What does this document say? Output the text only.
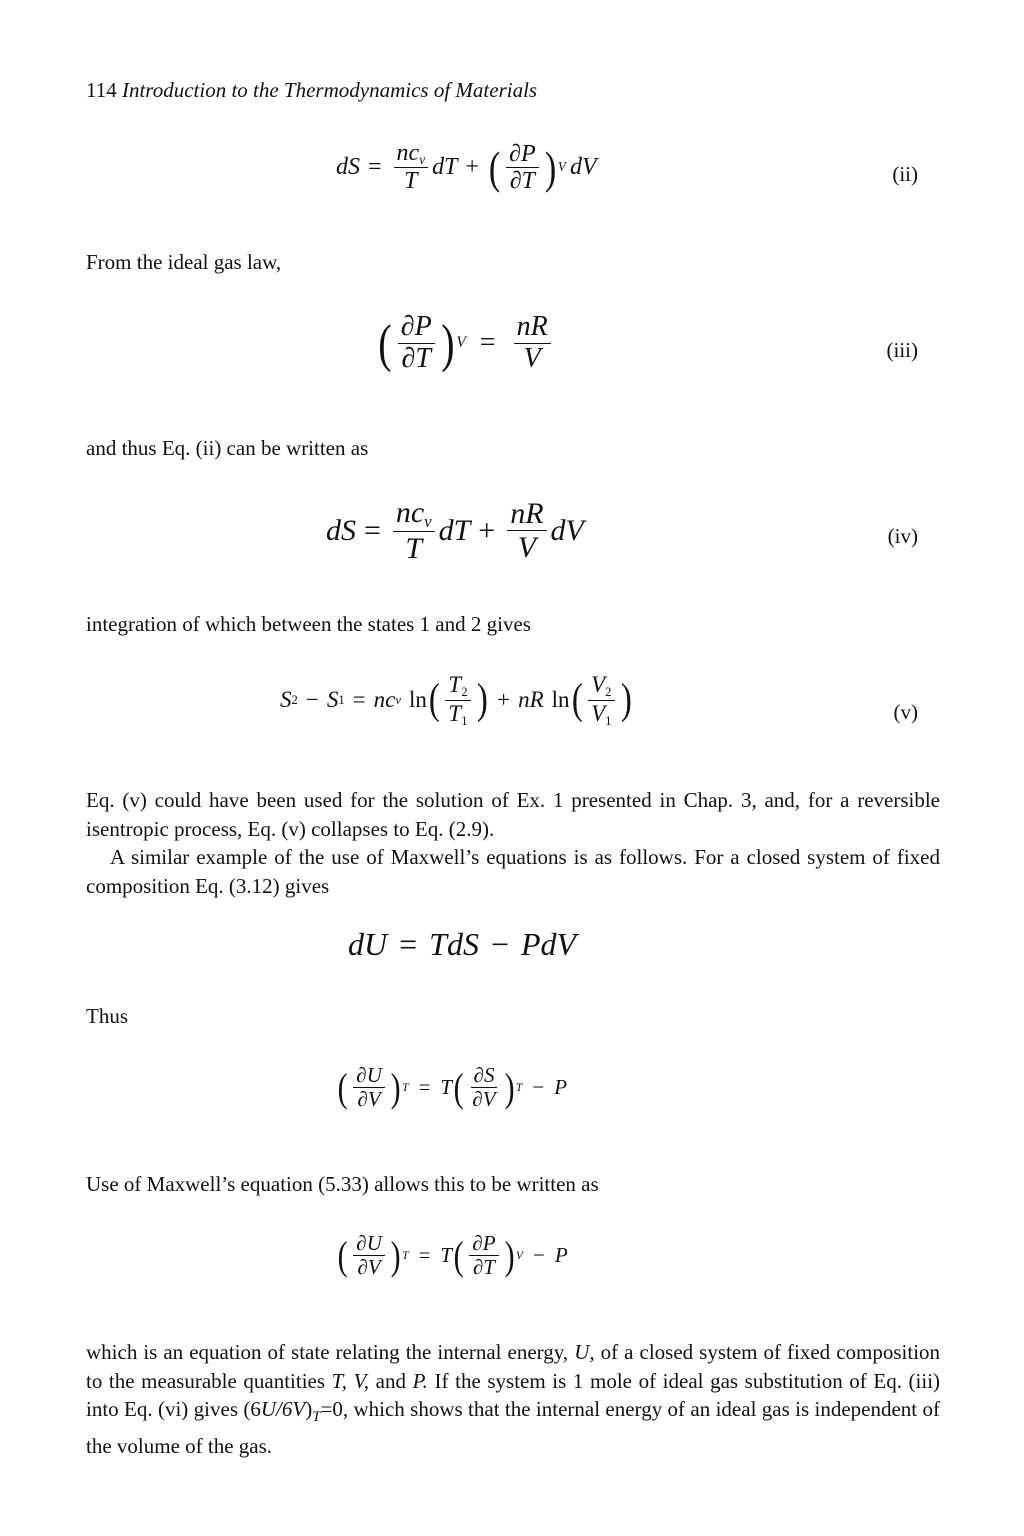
114 Introduction to the Thermodynamics of Materials
dS = $\frac{nc_v}{T}$ dT + ( $\frac{\partial P}{\partial T}$ ) V dV	(ii)
From the ideal gas law,
( $\frac{\partial P}{\partial T}$ ) $V = \frac{nR}{V}$	(iii)
and thus Eq. (ii) can be written as
dS = $\frac{nc_v}{T}$ dT + $\frac{nR}{V}$ dV	(iv)
integration of which between the states 1 and 2 gives
S 2 − S 1 = nc v ln ( $\frac{T_2}{T_1}$ ) + nR ln ( $\frac{V_2}{V_1}$ )	(v)
Eq. (v) could have been used for the solution of Ex. 1 presented in Chap. 3, and, for a reversible isentropic process, Eq. (v) collapses to Eq. (2.9).
A similar example of the use of Maxwell’s equations is as follows. For a closed system of fixed composition Eq. (3.12) gives
dU = TdS − PdV
Thus
( $\frac{\partial U}{\partial V}$ ) T = T ( $\frac{\partial S}{\partial V}$ ) T − P
Use of Maxwell’s equation (5.33) allows this to be written as
( $\frac{\partial U}{\partial V}$ ) T = T ( $\frac{\partial P}{\partial T}$ ) V − P
which is an equation of state relating the internal energy, U, of a closed system of fixed composition to the measurable quantities T, V, and P. If the system is 1 mole of ideal gas substitution of Eq. (iii) into Eq. (vi) gives $(6U/6V)_T=0$, which shows that the internal energy of an ideal gas is independent of the volume of the gas.
